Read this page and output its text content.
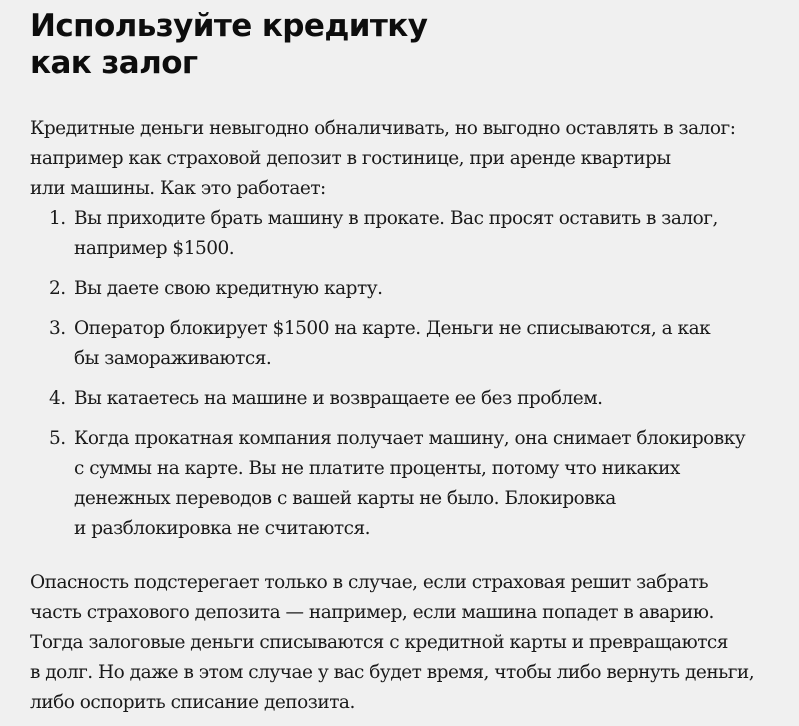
Используйте кредитку
как залог

Кредитные деньги невыгодно обналичивать, но выгодно оставлять в залог:
например как страховой депозит в гостинице, при аренде квартиры
или машины. Как это работает:

1. Вы приходите брать машину в прокате. Вас просят оставить в залог,
например $1500.
2. Вы даете свою кредитную карту.
3. Оператор блокирует $1500 на карте. Деньги не списываются, а как
бы замораживаются.
4. Вы катаетесь на машине и возвращаете ее без проблем.
5. Когда прокатная компания получает машину, она снимает блокировку
с суммы на карте. Вы не платите проценты, потому что никаких
денежных переводов с вашей карты не было. Блокировка
и разблокировка не считаются.

Опасность подстерегает только в случае, если страховая решит забрать
часть страхового депозита — например, если машина попадет в аварию.
Тогда залоговые деньги списываются с кредитной карты и превращаются
в долг. Но даже в этом случае у вас будет время, чтобы либо вернуть деньги,
либо оспорить списание депозита.
